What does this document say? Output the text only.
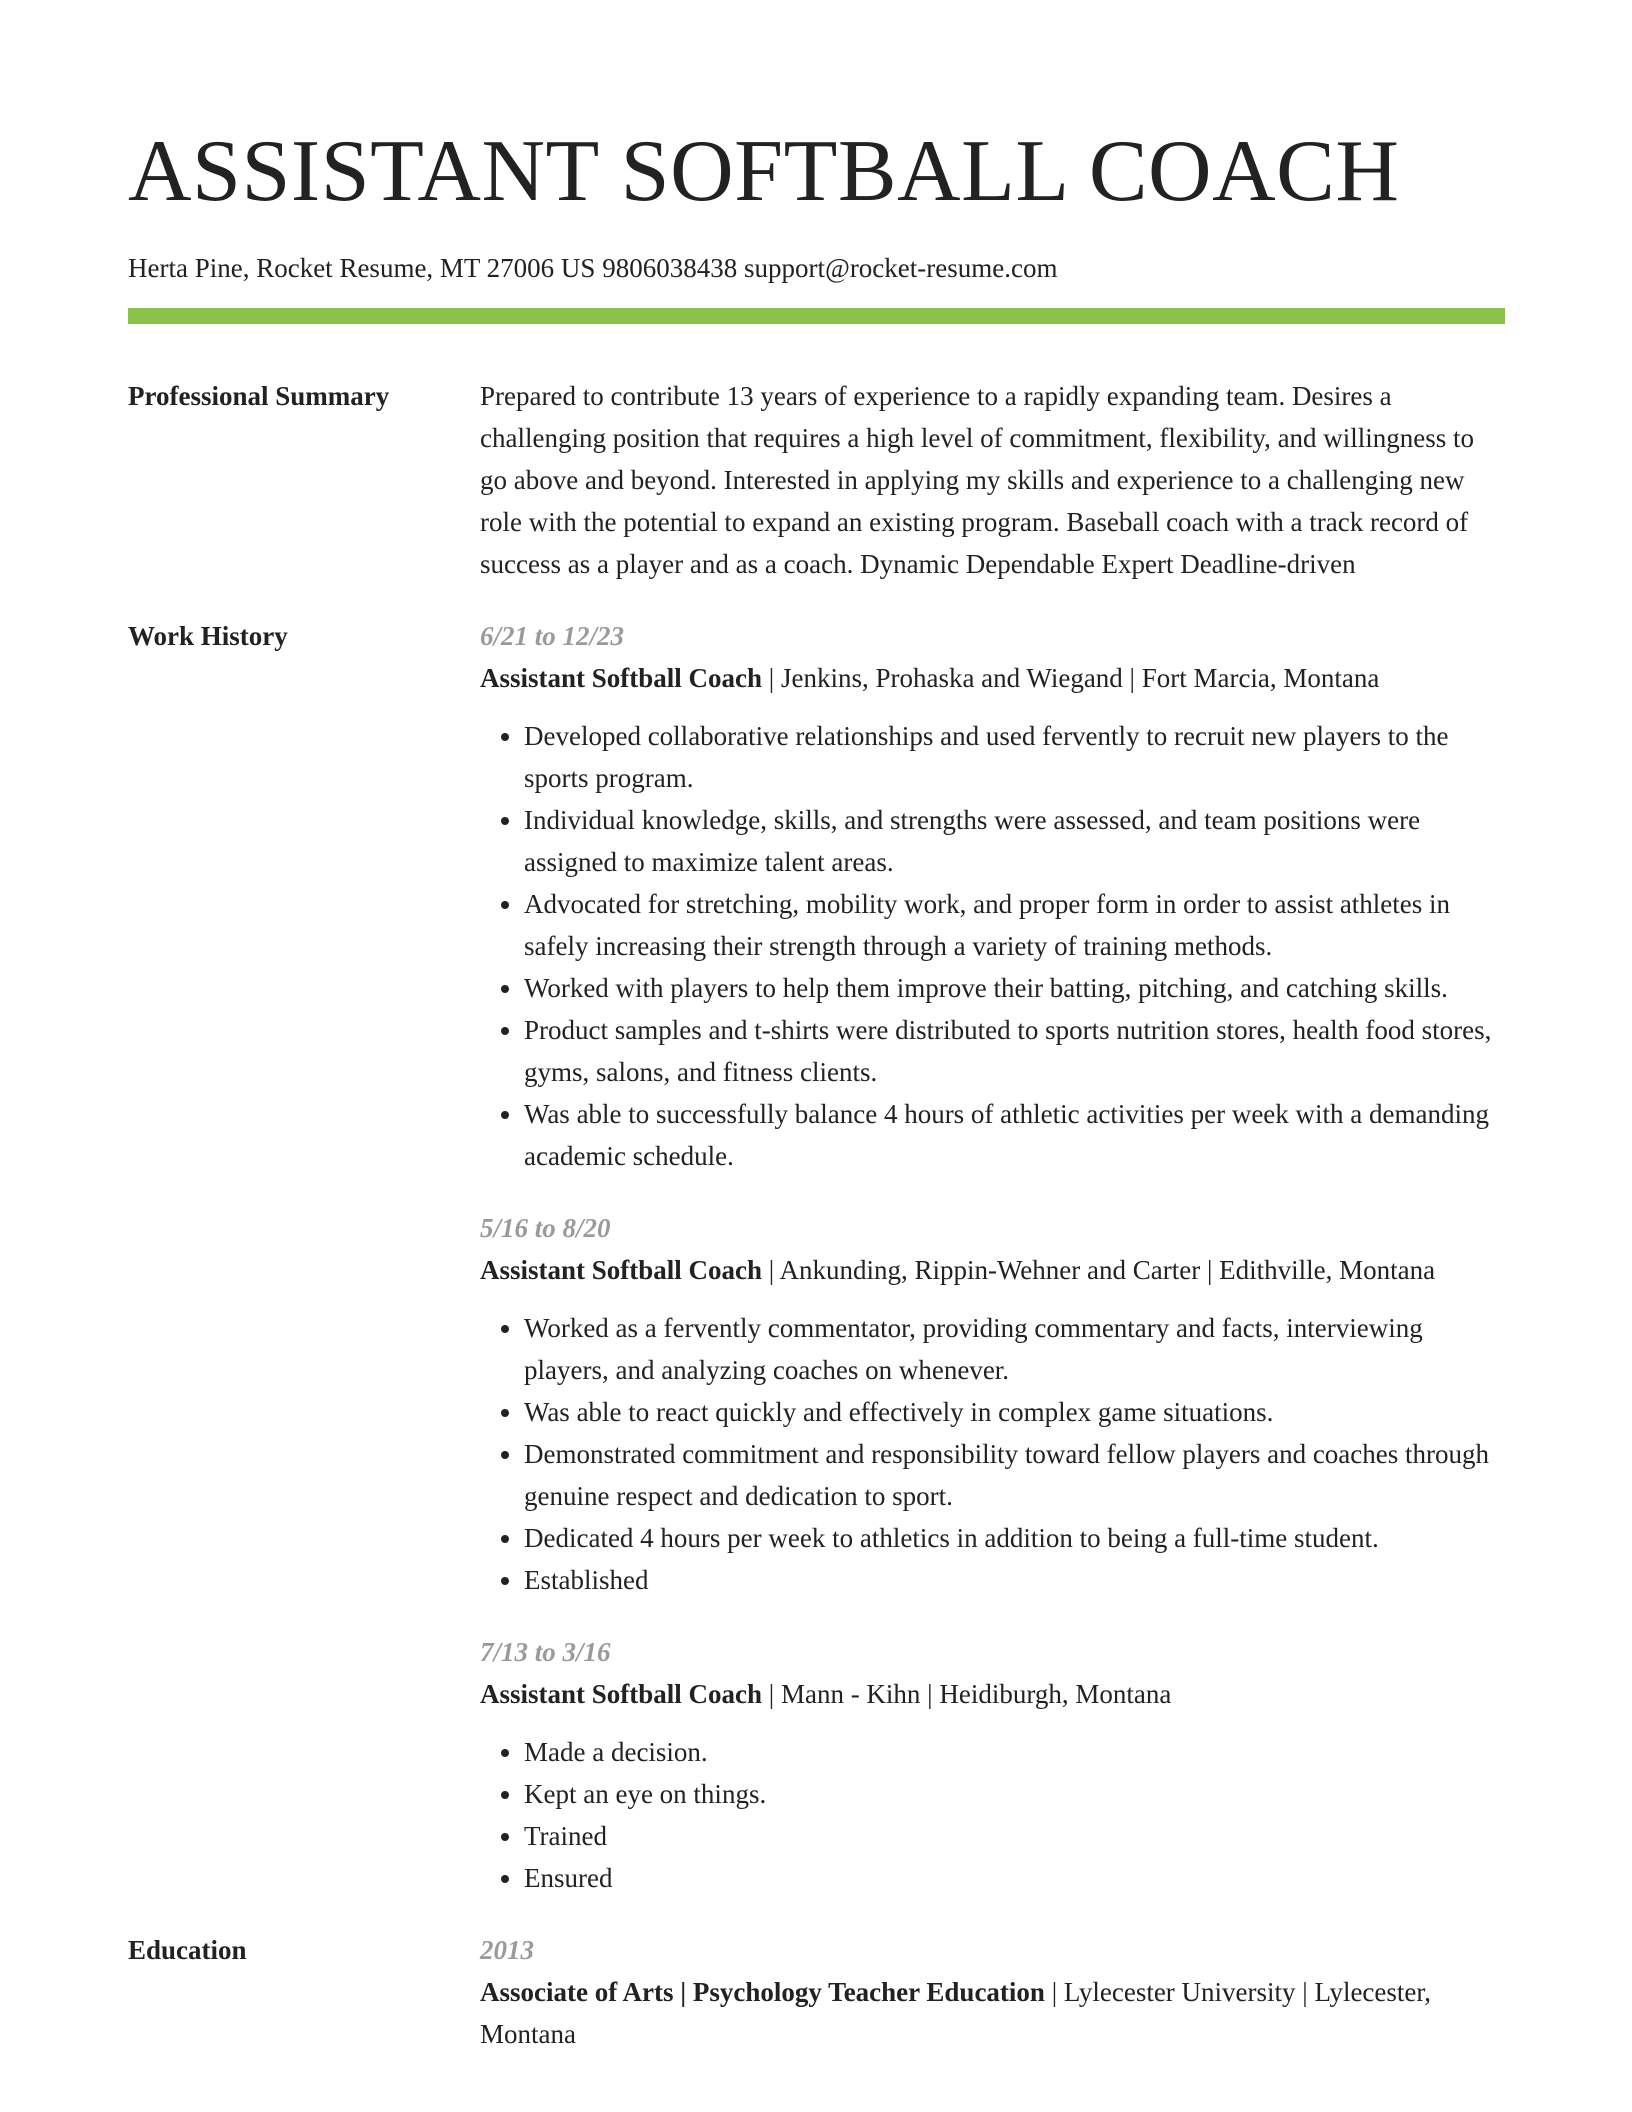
ASSISTANT SOFTBALL COACH
Herta Pine, Rocket Resume, MT 27006 US 9806038438 support@rocket-resume.com
Professional Summary	Prepared to contribute 13 years of experience to a rapidly expanding team. Desires a challenging position that requires a high level of commitment, flexibility, and willingness to go above and beyond. Interested in applying my skills and experience to a challenging new role with the potential to expand an existing program. Baseball coach with a track record of success as a player and as a coach. Dynamic Dependable Expert Deadline-driven
Work History	6/21 to 12/23
Assistant Softball Coach | Jenkins, Prohaska and Wiegand | Fort Marcia, Montana
• Developed collaborative relationships and used fervently to recruit new players to the sports program.
• Individual knowledge, skills, and strengths were assessed, and team positions were assigned to maximize talent areas.
• Advocated for stretching, mobility work, and proper form in order to assist athletes in safely increasing their strength through a variety of training methods.
• Worked with players to help them improve their batting, pitching, and catching skills.
• Product samples and t-shirts were distributed to sports nutrition stores, health food stores, gyms, salons, and fitness clients.
• Was able to successfully balance 4 hours of athletic activities per week with a demanding academic schedule.
5/16 to 8/20
Assistant Softball Coach | Ankunding, Rippin-Wehner and Carter | Edithville, Montana
• Worked as a fervently commentator, providing commentary and facts, interviewing players, and analyzing coaches on whenever.
• Was able to react quickly and effectively in complex game situations.
• Demonstrated commitment and responsibility toward fellow players and coaches through genuine respect and dedication to sport.
• Dedicated 4 hours per week to athletics in addition to being a full-time student.
• Established
7/13 to 3/16
Assistant Softball Coach | Mann - Kihn | Heidiburgh, Montana
• Made a decision.
• Kept an eye on things.
• Trained
• Ensured
Education	2013
Associate of Arts | Psychology Teacher Education | Lylecester University | Lylecester, Montana
